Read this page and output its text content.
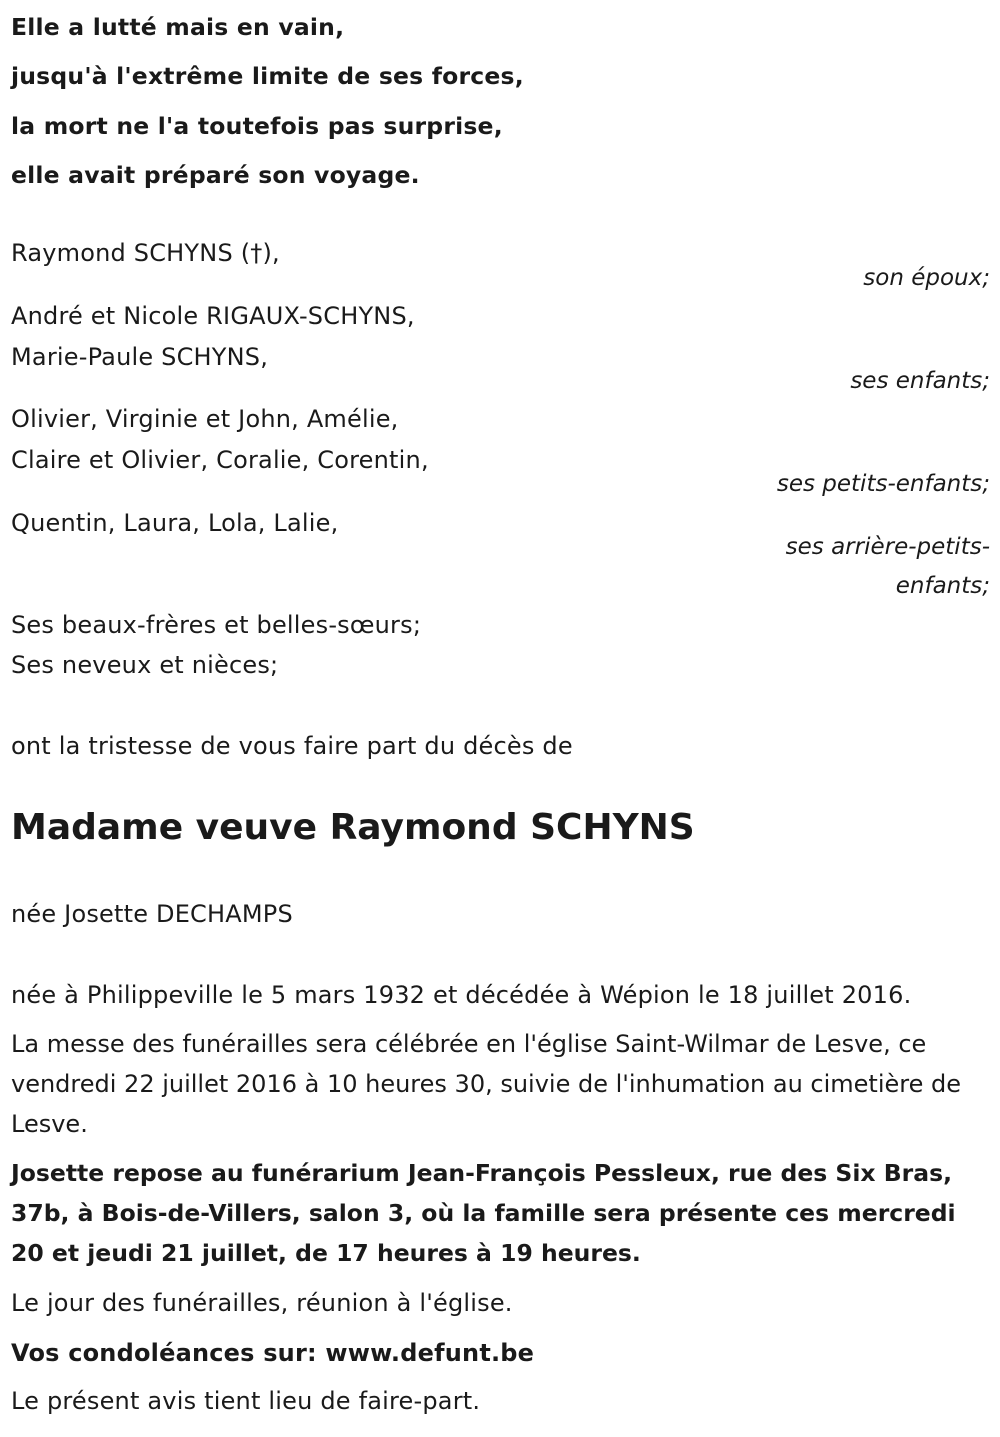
Elle a lutté mais en vain,
jusqu'à l'extrême limite de ses forces,
la mort ne l'a toutefois pas surprise,
elle avait préparé son voyage.
Raymond SCHYNS (†),
son époux;
André et Nicole RIGAUX-SCHYNS,
Marie-Paule SCHYNS,
ses enfants;
Olivier, Virginie et John, Amélie,
Claire et Olivier, Coralie, Corentin,
ses petits-enfants;
Quentin, Laura, Lola, Lalie,
ses arrière-petits-
enfants;
Ses beaux-frères et belles-sœurs;
Ses neveux et nièces;
ont la tristesse de vous faire part du décès de
Madame veuve Raymond SCHYNS
née Josette DECHAMPS
née à Philippeville le 5 mars 1932 et décédée à Wépion le 18 juillet 2016.
La messe des funérailles sera célébrée en l'église Saint-Wilmar de Lesve, ce vendredi 22 juillet 2016 à 10 heures 30, suivie de l'inhumation au cimetière de Lesve.
Josette repose au funérarium Jean-François Pessleux, rue des Six Bras, 37b, à Bois-de-Villers, salon 3, où la famille sera présente ces mercredi 20 et jeudi 21 juillet, de 17 heures à 19 heures.
Le jour des funérailles, réunion à l'église.
Vos condoléances sur: www.defunt.be
Le présent avis tient lieu de faire-part.
